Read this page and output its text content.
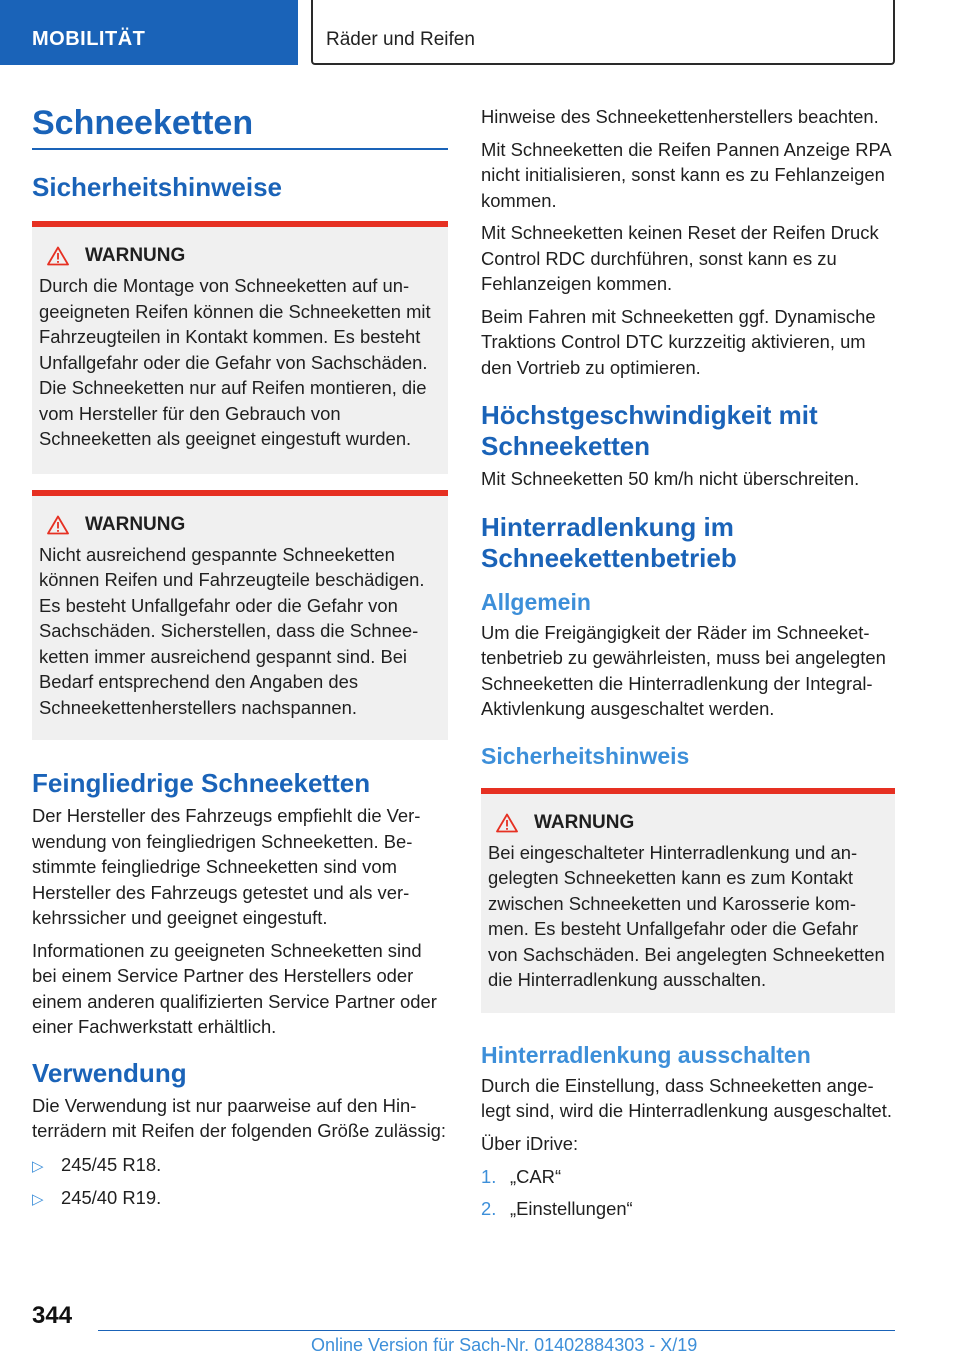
MOBILITÄT	Räder und Reifen
Schneeketten
Sicherheitshinweise
WARNUNG

Durch die Montage von Schneeketten auf ungeeigneten Reifen können die Schneeketten mit Fahrzeugteilen in Kontakt kommen. Es besteht Unfallgefahr oder die Gefahr von Sachschäden. Die Schneeketten nur auf Reifen montieren, die vom Hersteller für den Gebrauch von Schneeketten als geeignet eingestuft wurden.

WARNUNG

Nicht ausreichend gespannte Schneeketten können Reifen und Fahrzeugteile beschädigen. Es besteht Unfallgefahr oder die Gefahr von Sachschäden. Sicherstellen, dass die Schneeketten immer ausreichend gespannt sind. Bei Bedarf entsprechend den Angaben des Schneekettenherstellers nachspannen.

Feingliedrige Schneeketten

Der Hersteller des Fahrzeugs empfiehlt die Verwendung von feingliedrigen Schneeketten. Bestimmte feingliedrige Schneeketten sind vom Hersteller des Fahrzeugs getestet und als verkehrssicher und geeignet eingestuft.

Informationen zu geeigneten Schneeketten sind bei einem Service Partner des Herstellers oder einem anderen qualifizierten Service Partner oder einer Fachwerkstatt erhältlich.

Verwendung

Die Verwendung ist nur paarweise auf den Hinterrädern mit Reifen der folgenden Größe zulässig:

▷ 245/45 R18.
▷ 245/40 R19.

Hinweise des Schneekettenherstellers beachten.

Mit Schneeketten die Reifen Pannen Anzeige RPA nicht initialisieren, sonst kann es zu Fehlanzeigen kommen.

Mit Schneeketten keinen Reset der Reifen Druck Control RDC durchführen, sonst kann es zu Fehlanzeigen kommen.

Beim Fahren mit Schneeketten ggf. Dynamische Traktions Control DTC kurzzeitig aktivieren, um den Vortrieb zu optimieren.

Höchstgeschwindigkeit mit Schneeketten

Mit Schneeketten 50 km/h nicht überschreiten.

Hinterradlenkung im Schneekettenbetrieb
Allgemein

Um die Freigängigkeit der Räder im Schneekettenbetrieb zu gewährleisten, muss bei angelegten Schneeketten die Hinterradlenkung der Integral-Aktivlenkung ausgeschaltet werden.

Sicherheitshinweis
WARNUNG

Bei eingeschalteter Hinterradlenkung und angelegten Schneeketten kann es zum Kontakt zwischen Schneeketten und Karosserie kommen. Es besteht Unfallgefahr oder die Gefahr von Sachschäden. Bei angelegten Schneeketten die Hinterradlenkung ausschalten.

Hinterradlenkung ausschalten

Durch die Einstellung, dass Schneeketten angelegt sind, wird die Hinterradlenkung ausgeschaltet.

Über iDrive:

1. „CAR“
2. „Einstellungen“
344
Online Version für Sach-Nr. 01402884303 - X/19
